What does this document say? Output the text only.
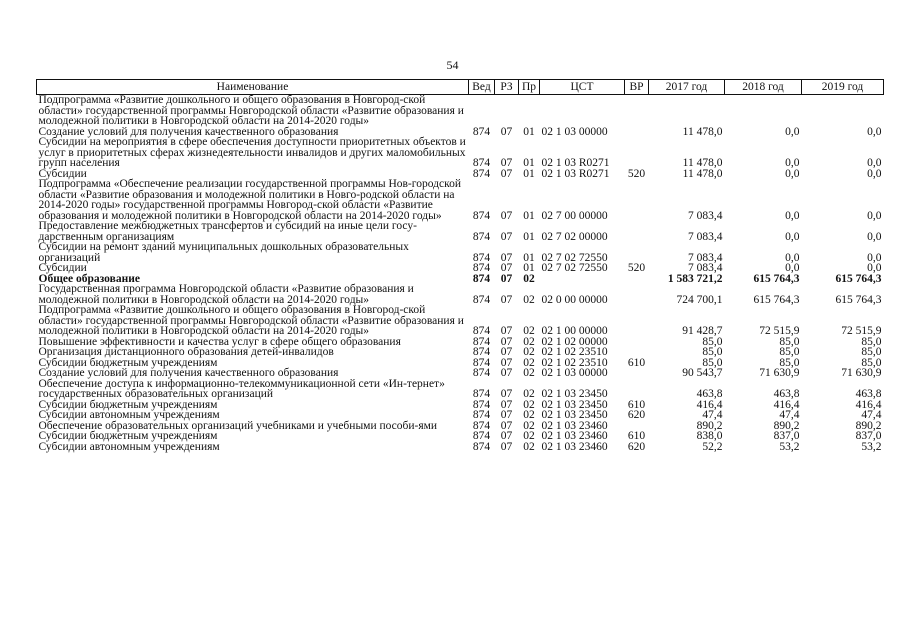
54
Наименование	Вед	РЗ	Пр	ЦСТ	ВР	2017 год	2018 год	2019 год
Подпрограмма «Развитие дошкольного и общего образования в Новгород-ской области» государственной программы Новгородской области «Развитие образования и молодежной политики в Новгородской области на 2014-2020 годы»								
Создание условий для получения качественного образования	874	07	01	02 1 03 00000		11 478,0	0,0	0,0
Субсидии на мероприятия в сфере обеспечения доступности приоритетных объектов и услуг в приоритетных сферах жизнедеятельности инвалидов и других маломобильных групп населения	874	07	01	02 1 03 R0271		11 478,0	0,0	0,0
Субсидии	874	07	01	02 1 03 R0271	520	11 478,0	0,0	0,0
Подпрограмма «Обеспечение реализации государственной программы Нов-городской области «Развитие образования и молодежной политики в Новго-родской области на 2014-2020 годы» государственной программы Новгород-ской области «Развитие образования и молодежной политики в Новгородской области на 2014-2020 годы»	874	07	01	02 7 00 00000		7 083,4	0,0	0,0
Предоставление межбюджетных трансфертов и субсидий на иные цели госу-дарственным организациям	874	07	01	02 7 02 00000		7 083,4	0,0	0,0
Субсидии на ремонт зданий муниципальных дошкольных образовательных организаций	874	07	01	02 7 02 72550		7 083,4	0,0	0,0
Субсидии	874	07	01	02 7 02 72550	520	7 083,4	0,0	0,0
Общее образование	874	07	02			1 583 721,2	615 764,3	615 764,3
Государственная программа Новгородской области «Развитие образования и молодежной политики в Новгородской области на 2014-2020 годы»	874	07	02	02 0 00 00000		724 700,1	615 764,3	615 764,3
Подпрограмма «Развитие дошкольного и общего образования в Новгород-ской области» государственной программы Новгородской области «Развитие образования и молодежной политики в Новгородской области на 2014-2020 годы»	874	07	02	02 1 00 00000		91 428,7	72 515,9	72 515,9
Повышение эффективности и качества услуг в сфере общего образования	874	07	02	02 1 02 00000		85,0	85,0	85,0
Организация дистанционного образования детей-инвалидов	874	07	02	02 1 02 23510		85,0	85,0	85,0
Субсидии бюджетным учреждениям	874	07	02	02 1 02 23510	610	85,0	85,0	85,0
Создание условий для получения качественного образования	874	07	02	02 1 03 00000		90 543,7	71 630,9	71 630,9
Обеспечение доступа к информационно-телекоммуникационной сети «Ин-тернет» государственных образовательных организаций	874	07	02	02 1 03 23450		463,8	463,8	463,8
Субсидии бюджетным учреждениям	874	07	02	02 1 03 23450	610	416,4	416,4	416,4
Субсидии автономным учреждениям	874	07	02	02 1 03 23450	620	47,4	47,4	47,4
Обеспечение образовательных организаций учебниками и учебными пособи-ями	874	07	02	02 1 03 23460		890,2	890,2	890,2
Субсидии бюджетным учреждениям	874	07	02	02 1 03 23460	610	838,0	837,0	837,0
Субсидии автономным учреждениям	874	07	02	02 1 03 23460	620	52,2	53,2	53,2
